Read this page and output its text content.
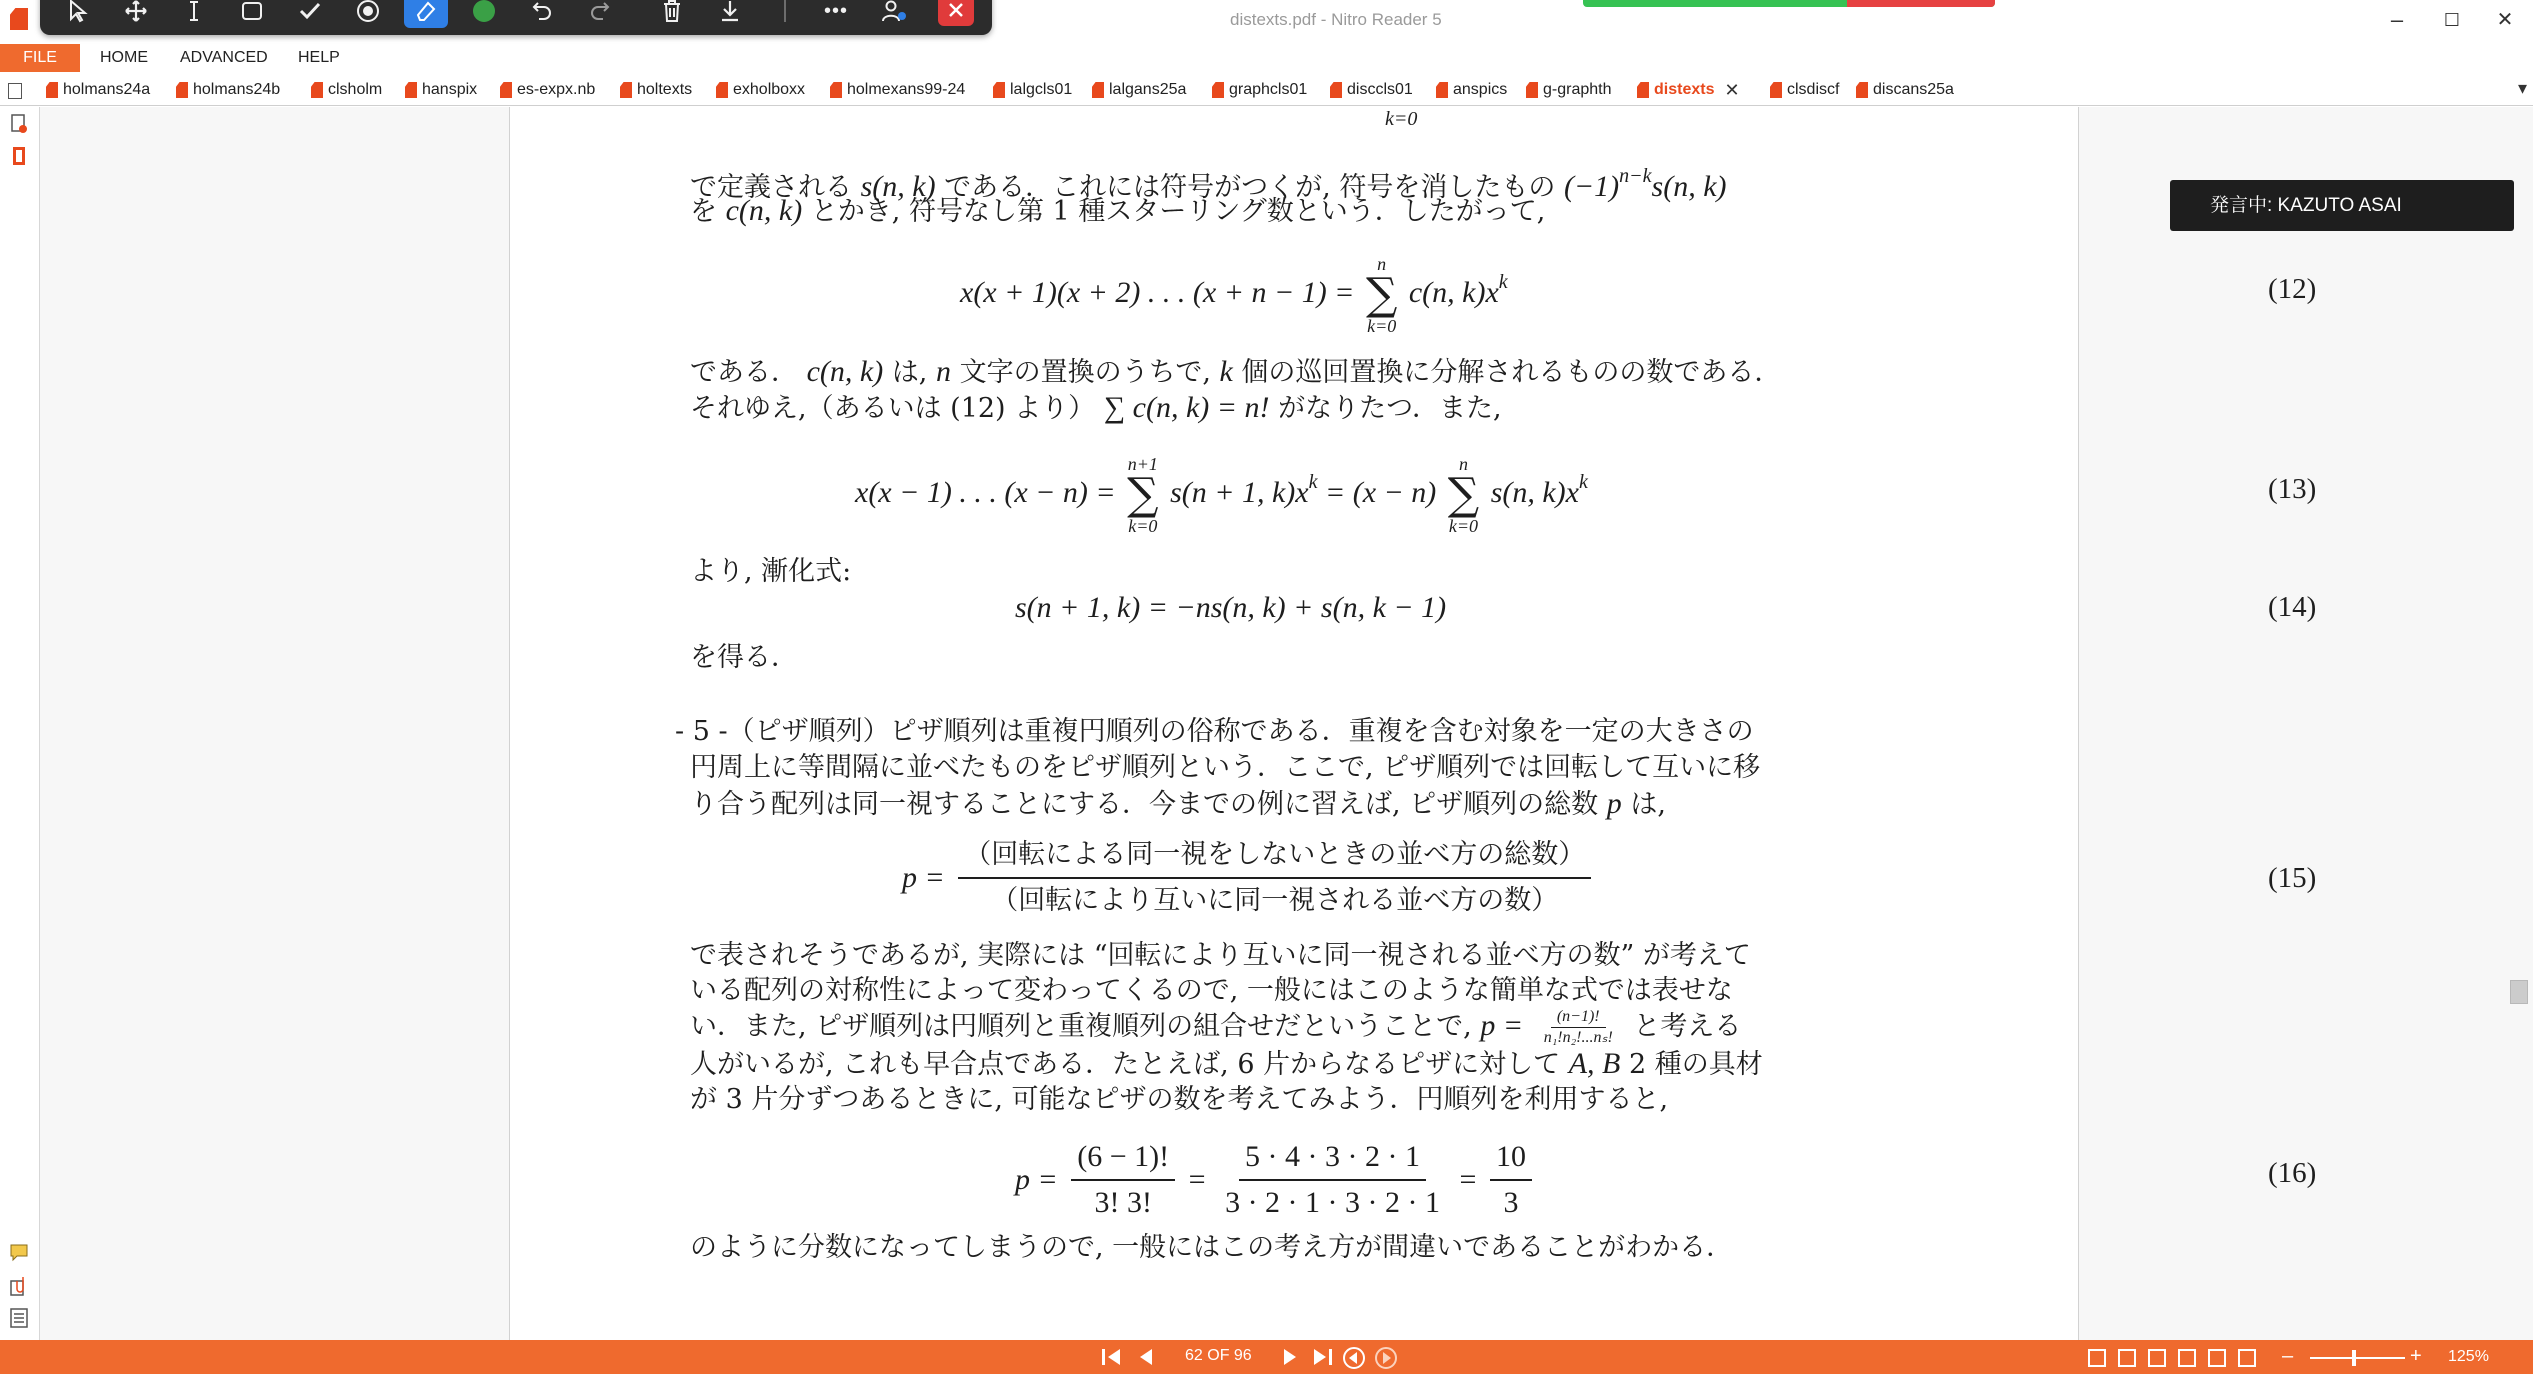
distexts.pdf - Nitro Reader 5	–	☐	✕
•••
FILE	HOME ADVANCED HELP
holmans24a	holmans24b	clsholm hanspix es-expx.nb	holtexts	exholboxx	holmexans99-24	lalgcls01 lalgans25a	graphcls01 disccls01	anspics g-graphth	distexts ✕	clsdiscf discans25a	▾
k=0
で定義される s(n, k) である．これには符号がつくが, 符号を消したもの $(-1)^{n-k}s(n$, k)
を c(n, k) とかき, 符号なし第 1 種スターリング数という．したがって,
x(x + 1)(x + 2) . . . (x + n − 1) =
n
∑
k=0
c(n, $k)x^k$	(12)
である． c(n, k) は, n 文字の置換のうちで, k 個の巡回置換に分解されるものの数である．
それゆえ,（あるいは (12) より） ∑ c(n, k) = n! がなりたつ．また,
x(x − 1) . . . (x − n) =
n+1
∑
k=0
s(n + 1, $k)x^k = (x - n)$
n
∑
k=0
s(n, $k)x^k$	(13)
より, 漸化式:
s(n + 1, k) = −ns(n, k) + s(n, k − 1)	(14)
を得る．
- 5 -（ピザ順列）ピザ順列は重複円順列の俗称である．重複を含む対象を一定の大きさの
円周上に等間隔に並べたものをピザ順列という．ここで, ピザ順列では回転して互いに移
り合う配列は同一視することにする．今までの例に習えば, ピザ順列の総数 p は,
$p = \frac{\text{（回転による同一視をしないときの並べ方の総数）}}{\text{（回転により互いに同一視される並べ方の数）}}$	(15)
で表されそうであるが, 実際には “回転により互いに同一視される並べ方の数” が考えて
いる配列の対称性によって変わってくるので, 一般にはこのような簡単な式では表せな
い．また, ピザ順列は円順列と重複順列の組合せだということで, $p = \frac{(n-1)!}{\text{n₁!n₂!...nₛ!}}$ と考える
人がいるが, これも早合点である．たとえば, 6 片からなるピザに対して A, B 2 種の具材
が 3 片分ずつあるときに, 可能なピザの数を考えてみよう．円順列を利用すると,
$p = \frac{(6 - 1)!}{3! 3!} = \frac{5 \cdot 4 \cdot 3 \cdot 2 \cdot 1}{3 \cdot 2 \cdot 1 \cdot 3 \cdot 2 \cdot 1} = \frac{10}{3}$	(16)
のように分数になってしまうので, 一般にはこの考え方が間違いであることがわかる．
発言中: KAZUTO ASAI
62 OF 96	–	+ 125%
